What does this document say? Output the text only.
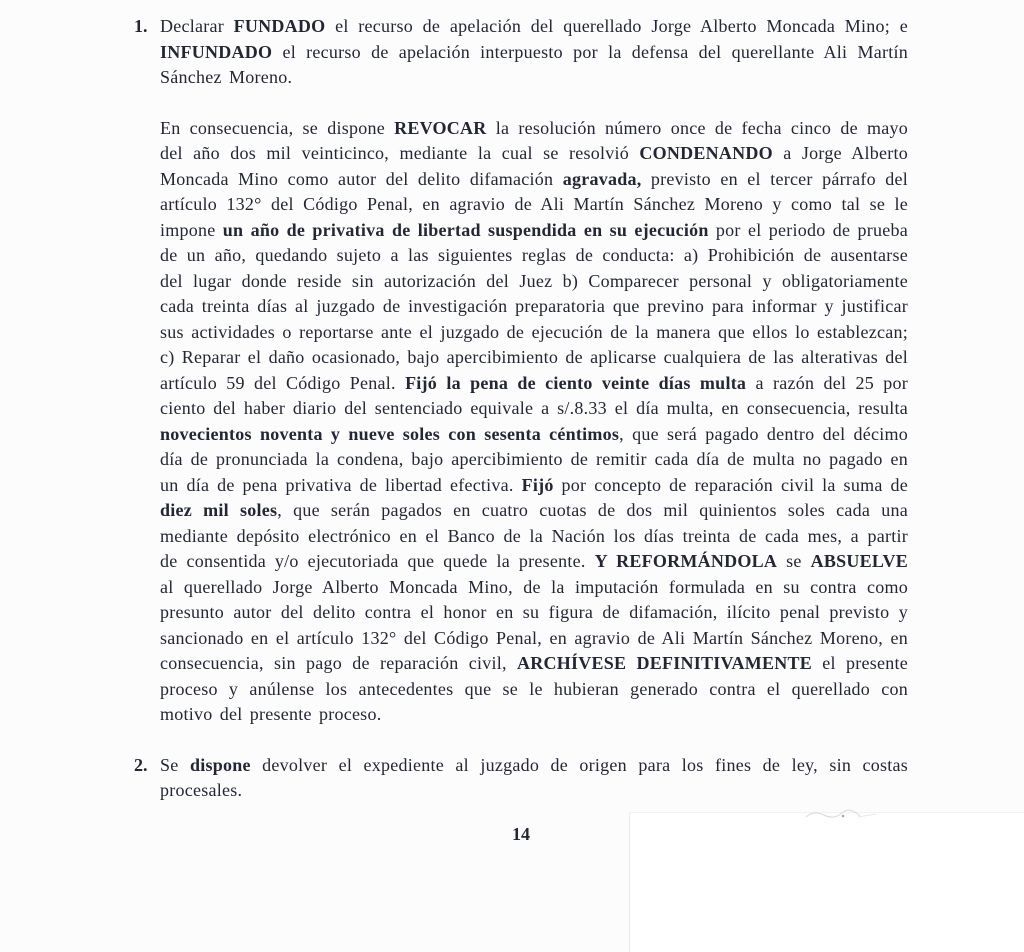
1. Declarar FUNDADO el recurso de apelación del querellado Jorge Alberto Moncada Mino; e INFUNDADO el recurso de apelación interpuesto por la defensa del querellante Ali Martín Sánchez Moreno.
En consecuencia, se dispone REVOCAR la resolución número once de fecha cinco de mayo del año dos mil veinticinco, mediante la cual se resolvió CONDENANDO a Jorge Alberto Moncada Mino como autor del delito difamación agravada, previsto en el tercer párrafo del artículo 132° del Código Penal, en agravio de Ali Martín Sánchez Moreno y como tal se le impone un año de privativa de libertad suspendida en su ejecución por el periodo de prueba de un año, quedando sujeto a las siguientes reglas de conducta: a) Prohibición de ausentarse del lugar donde reside sin autorización del Juez b) Comparecer personal y obligatoriamente cada treinta días al juzgado de investigación preparatoria que previno para informar y justificar sus actividades o reportarse ante el juzgado de ejecución de la manera que ellos lo establezcan; c) Reparar el daño ocasionado, bajo apercibimiento de aplicarse cualquiera de las alterativas del artículo 59 del Código Penal. Fijó la pena de ciento veinte días multa a razón del 25 por ciento del haber diario del sentenciado equivale a s/.8.33 el día multa, en consecuencia, resulta novecientos noventa y nueve soles con sesenta céntimos, que será pagado dentro del décimo día de pronunciada la condena, bajo apercibimiento de remitir cada día de multa no pagado en un día de pena privativa de libertad efectiva. Fijó por concepto de reparación civil la suma de diez mil soles, que serán pagados en cuatro cuotas de dos mil quinientos soles cada una mediante depósito electrónico en el Banco de la Nación los días treinta de cada mes, a partir de consentida y/o ejecutoriada que quede la presente. Y REFORMÁNDOLA se ABSUELVE al querellado Jorge Alberto Moncada Mino, de la imputación formulada en su contra como presunto autor del delito contra el honor en su figura de difamación, ilícito penal previsto y sancionado en el artículo 132° del Código Penal, en agravio de Ali Martín Sánchez Moreno, en consecuencia, sin pago de reparación civil, ARCHÍVESE DEFINITIVAMENTE el presente proceso y anúlense los antecedentes que se le hubieran generado contra el querellado con motivo del presente proceso.
2. Se dispone devolver el expediente al juzgado de origen para los fines de ley, sin costas procesales.
14
